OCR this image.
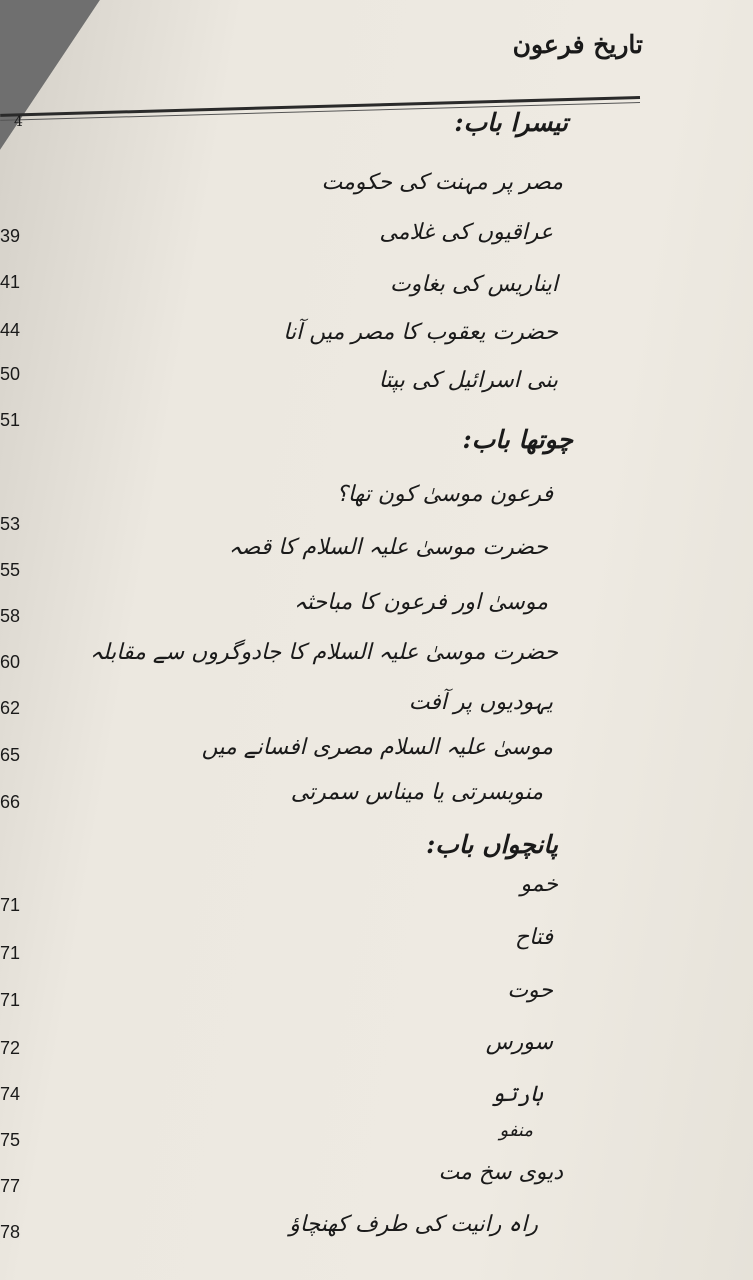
تاریخ فرعون
4	تیسرا باب:
مصر پر مہنت کی حکومت
عراقیوں کی غلامی
39
ایناریس کی بغاوت
41
حضرت یعقوب کا مصر میں آنا
44
بنی اسرائیل کی بپتا
50
51
چوتھا باب:
فرعون موسیٰ کون تھا؟
حضرت موسیٰ علیہ السلام کا قصہ
53
موسیٰ اور فرعون کا مباحثہ
55
حضرت موسیٰ علیہ السلام کا جادوگروں سے مقابلہ
58
یہودیوں پر آفت
60
موسیٰ علیہ السلام مصری افسانے میں
62
منوبسرتی یا میناس سمرتی
65
66
پانچواں باب:
خمو
71
فتاح
71
حوت
71
سورس
72
ہارتو
74
منفو
75
دیوی سخ مت
77
راہ رانیت کی طرف کھنچاؤ
78
